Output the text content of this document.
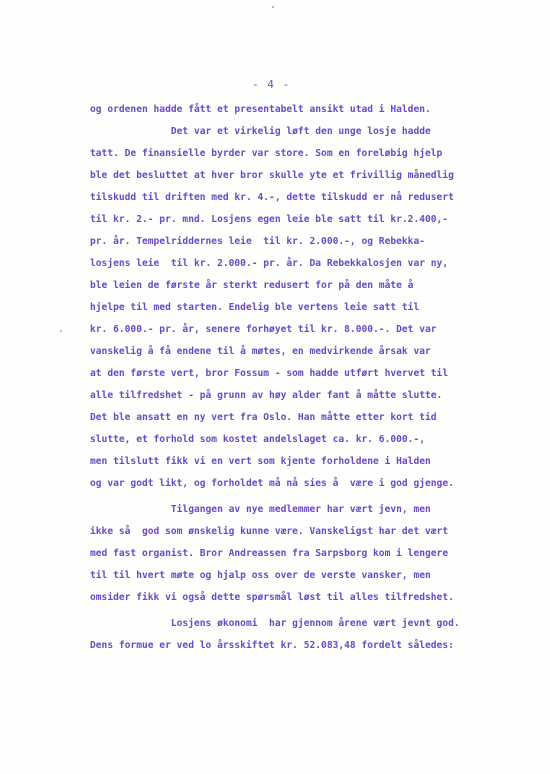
- 4 -
og ordenen hadde fått et presentabelt ansikt utad i Halden.
Det var et virkelig løft den unge losje hadde
tatt. De finansielle byrder var store. Som en foreløbig hjelp
ble det besluttet at hver bror skulle yte et frivillig månedlig
tilskudd til driften med kr. 4.-, dette tilskudd er nå redusert
til kr. 2.- pr. mnd. Losjens egen leie ble satt til kr.2.400,-
pr. år. Tempelriddernes leie  til kr. 2.000.-, og Rebekka-
losjens leie  til kr. 2.000.- pr. år. Da Rebekkalosjen var ny,
ble leien de første år sterkt redusert for på den måte å
hjelpe til med starten. Endelig ble vertens leie satt til
kr. 6.000.- pr. år, senere forhøyet til kr. 8.000.-. Det var
vanskelig å få endene til å møtes, en medvirkende årsak var
at den første vert, bror Fossum - som hadde utført hvervet til
alle tilfredshet - på grunn av høy alder fant å måtte slutte.
Det ble ansatt en ny vert fra Oslo. Han måtte etter kort tid
slutte, et forhold som kostet andelslaget ca. kr. 6.000.-,
men tilslutt fikk vi en vert som kjente forholdene i Halden
og var godt likt, og forholdet må nå sies å  være i god gjenge.
Tilgangen av nye medlemmer har vært jevn, men
ikke så  god som ønskelig kunne være. Vanskeligst har det vært
med fast organist. Bror Andreassen fra Sarpsborg kom i lengere
til til hvert møte og hjalp oss over de verste vansker, men
omsider fikk vi også dette spørsmål løst til alles tilfredshet.
Losjens økonomi  har gjennom årene vært jevnt god.
Dens formue er ved lo årsskiftet kr. 52.083,48 fordelt således:
